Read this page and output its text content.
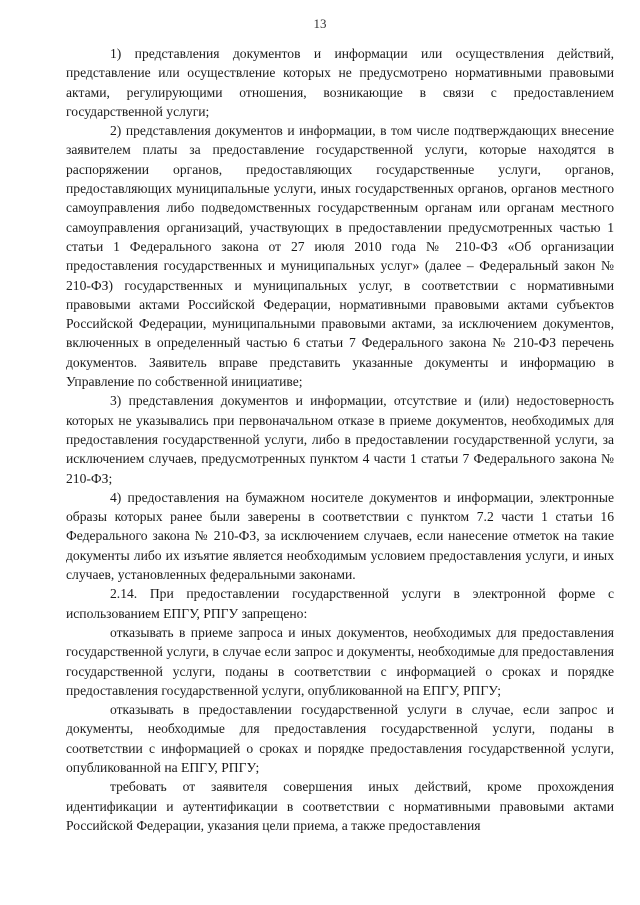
13

1) представления документов и информации или осуществления действий, представление или осуществление которых не предусмотрено нормативными правовыми актами, регулирующими отношения, возникающие в связи с предоставлением государственной услуги;

2) представления документов и информации, в том числе подтверждающих внесение заявителем платы за предоставление государственной услуги, которые находятся в распоряжении органов, предоставляющих государственные услуги, органов, предоставляющих муниципальные услуги, иных государственных органов, органов местного самоуправления либо подведомственных государственным органам или органам местного самоуправления организаций, участвующих в предоставлении предусмотренных частью 1 статьи 1 Федерального закона от 27 июля 2010 года № 210-ФЗ «Об организации предоставления государственных и муниципальных услуг» (далее – Федеральный закон № 210-ФЗ) государственных и муниципальных услуг, в соответствии с нормативными правовыми актами Российской Федерации, нормативными правовыми актами субъектов Российской Федерации, муниципальными правовыми актами, за исключением документов, включенных в определенный частью 6 статьи 7 Федерального закона № 210-ФЗ перечень документов. Заявитель вправе представить указанные документы и информацию в Управление по собственной инициативе;

3) представления документов и информации, отсутствие и (или) недостоверность которых не указывались при первоначальном отказе в приеме документов, необходимых для предоставления государственной услуги, либо в предоставлении государственной услуги, за исключением случаев, предусмотренных пунктом 4 части 1 статьи 7 Федерального закона № 210-ФЗ;

4) предоставления на бумажном носителе документов и информации, электронные образы которых ранее были заверены в соответствии с пунктом 7.2 части 1 статьи 16 Федерального закона № 210-ФЗ, за исключением случаев, если нанесение отметок на такие документы либо их изъятие является необходимым условием предоставления услуги, и иных случаев, установленных федеральными законами.

2.14. При предоставлении государственной услуги в электронной форме с использованием ЕПГУ, РПГУ запрещено:

отказывать в приеме запроса и иных документов, необходимых для предоставления государственной услуги, в случае если запрос и документы, необходимые для предоставления государственной услуги, поданы в соответствии с информацией о сроках и порядке предоставления государственной услуги, опубликованной на ЕПГУ, РПГУ;

отказывать в предоставлении государственной услуги в случае, если запрос и документы, необходимые для предоставления государственной услуги, поданы в соответствии с информацией о сроках и порядке предоставления государственной услуги, опубликованной на ЕПГУ, РПГУ;

требовать от заявителя совершения иных действий, кроме прохождения идентификации и аутентификации в соответствии с нормативными правовыми актами Российской Федерации, указания цели приема, а также предоставления
